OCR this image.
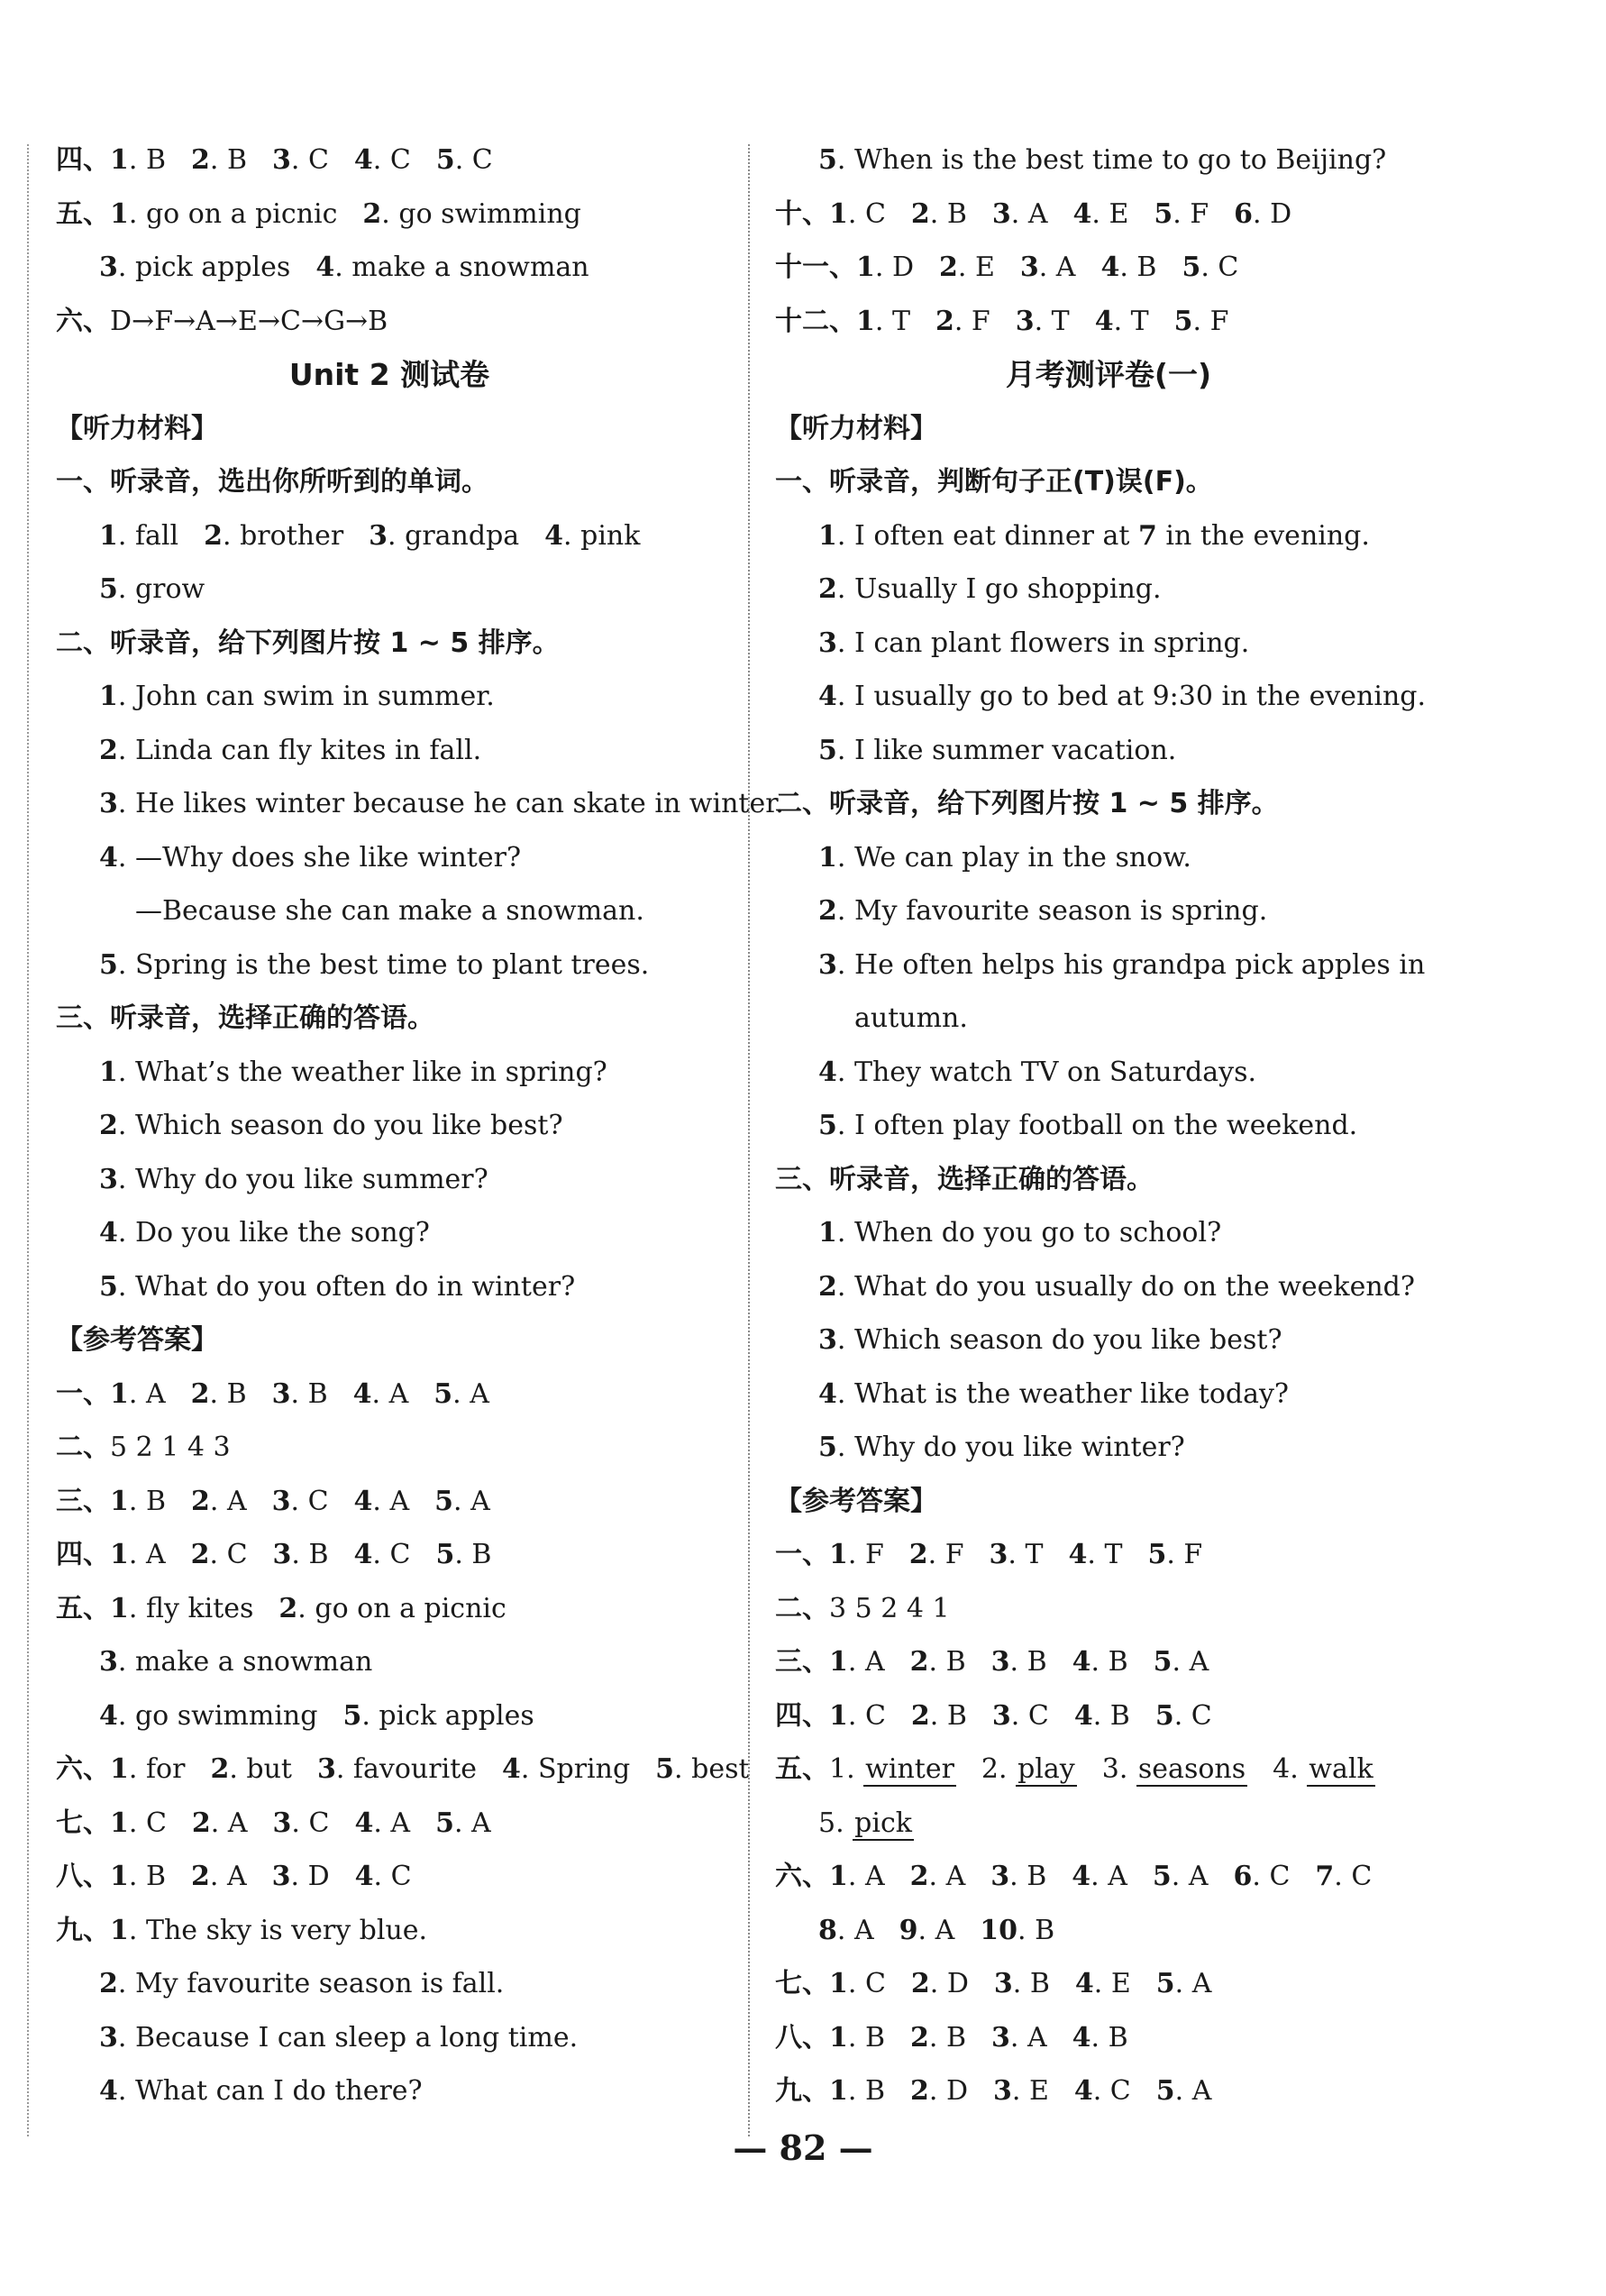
四、1. B 2. B 3. C 4. C 5. C
五、1. go on a picnic 2. go swimming
3. pick apples 4. make a snowman
六、D→F→A→E→C→G→B
Unit 2 测试卷
【听力材料】
一、听录音，选出你所听到的单词。
1. fall 2. brother 3. grandpa 4. pink
5. grow
二、听录音，给下列图片按 1 ~ 5 排序。
1. John can swim in summer.
2. Linda can fly kites in fall.
3. He likes winter because he can skate in winter.
4. —Why does she like winter?
—Because she can make a snowman.
5. Spring is the best time to plant trees.
三、听录音，选择正确的答语。
1. What’s the weather like in spring?
2. Which season do you like best?
3. Why do you like summer?
4. Do you like the song?
5. What do you often do in winter?
【参考答案】
一、1. A 2. B 3. B 4. A 5. A
二、5 2 1 4 3
三、1. B 2. A 3. C 4. A 5. A
四、1. A 2. C 3. B 4. C 5. B
五、1. fly kites 2. go on a picnic
3. make a snowman
4. go swimming 5. pick apples
六、1. for 2. but 3. favourite 4. Spring 5. best
七、1. C 2. A 3. C 4. A 5. A
八、1. B 2. A 3. D 4. C
九、1. The sky is very blue.
2. My favourite season is fall.
3. Because I can sleep a long time.
4. What can I do there?
5. When is the best time to go to Beijing?
十、1. C 2. B 3. A 4. E 5. F 6. D
十一、1. D 2. E 3. A 4. B 5. C
十二、1. T 2. F 3. T 4. T 5. F
月考测评卷(一)
【听力材料】
一、听录音，判断句子正(T)误(F)。
1. I often eat dinner at 7 in the evening.
2. Usually I go shopping.
3. I can plant flowers in spring.
4. I usually go to bed at 9:30 in the evening.
5. I like summer vacation.
二、听录音，给下列图片按 1 ~ 5 排序。
1. We can play in the snow.
2. My favourite season is spring.
3. He often helps his grandpa pick apples in
autumn.
4. They watch TV on Saturdays.
5. I often play football on the weekend.
三、听录音，选择正确的答语。
1. When do you go to school?
2. What do you usually do on the weekend?
3. Which season do you like best?
4. What is the weather like today?
5. Why do you like winter?
【参考答案】
一、1. F 2. F 3. T 4. T 5. F
二、3 5 2 4 1
三、1. A 2. B 3. B 4. B 5. A
四、1. C 2. B 3. C 4. B 5. C
五、1. winter 2. play 3. seasons 4. walk
5. pick
六、1. A 2. A 3. B 4. A 5. A 6. C 7. C
8. A 9. A 10. B
七、1. C 2. D 3. B 4. E 5. A
八、1. B 2. B 3. A 4. B
九、1. B 2. D 3. E 4. C 5. A
— 82 —
